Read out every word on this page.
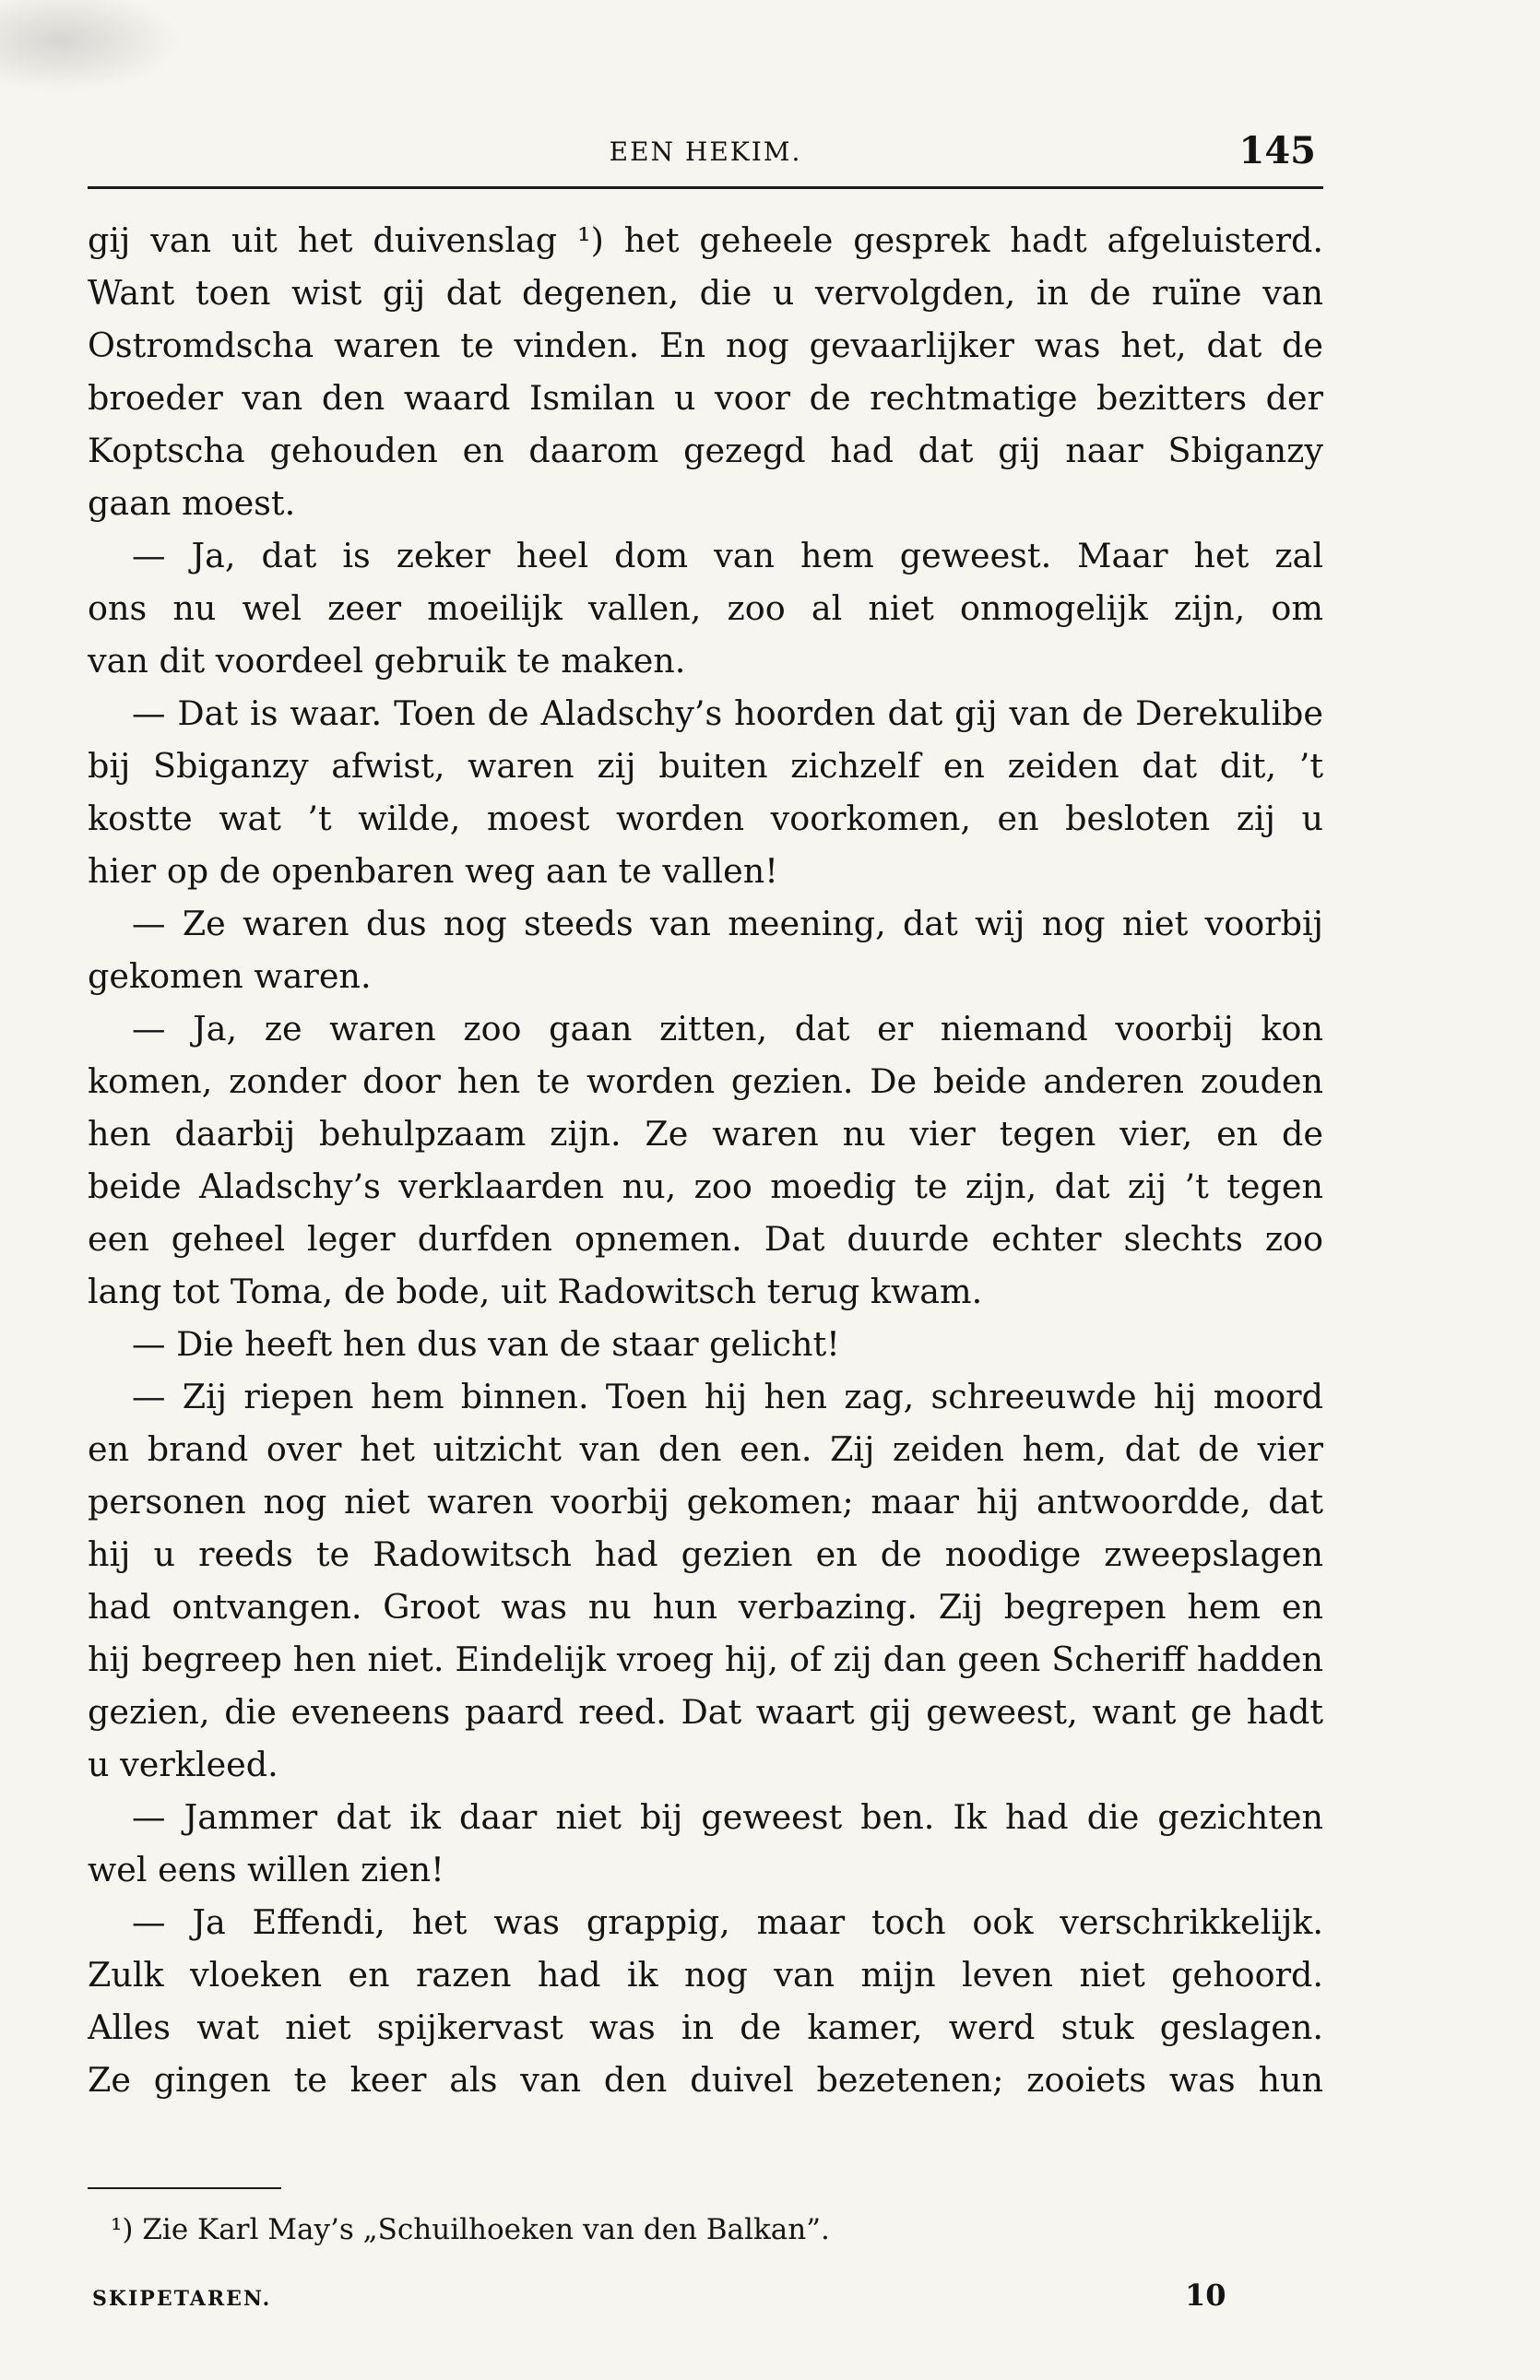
EEN HEKIM.	145
gij van uit het duivenslag ¹) het geheele gesprek hadt afgeluisterd.
Want toen wist gij dat degenen, die u vervolgden, in de ruïne van
Ostromdscha waren te vinden. En nog gevaarlijker was het, dat de
broeder van den waard Ismilan u voor de rechtmatige bezitters der
Koptscha gehouden en daarom gezegd had dat gij naar Sbiganzy
gaan moest.
— Ja, dat is zeker heel dom van hem geweest. Maar het zal
ons nu wel zeer moeilijk vallen, zoo al niet onmogelijk zijn, om
van dit voordeel gebruik te maken.
— Dat is waar. Toen de Aladschy’s hoorden dat gij van de Derekulibe
bij Sbiganzy afwist, waren zij buiten zichzelf en zeiden dat dit, ’t
kostte wat ’t wilde, moest worden voorkomen, en besloten zij u
hier op de openbaren weg aan te vallen!
— Ze waren dus nog steeds van meening, dat wij nog niet voorbij
gekomen waren.
— Ja, ze waren zoo gaan zitten, dat er niemand voorbij kon
komen, zonder door hen te worden gezien. De beide anderen zouden
hen daarbij behulpzaam zijn. Ze waren nu vier tegen vier, en de
beide Aladschy’s verklaarden nu, zoo moedig te zijn, dat zij ’t tegen
een geheel leger durfden opnemen. Dat duurde echter slechts zoo
lang tot Toma, de bode, uit Radowitsch terug kwam.
— Die heeft hen dus van de staar gelicht!
— Zij riepen hem binnen. Toen hij hen zag, schreeuwde hij moord
en brand over het uitzicht van den een. Zij zeiden hem, dat de vier
personen nog niet waren voorbij gekomen; maar hij antwoordde, dat
hij u reeds te Radowitsch had gezien en de noodige zweepslagen
had ontvangen. Groot was nu hun verbazing. Zij begrepen hem en
hij begreep hen niet. Eindelijk vroeg hij, of zij dan geen Scheriff hadden
gezien, die eveneens paard reed. Dat waart gij geweest, want ge hadt
u verkleed.
— Jammer dat ik daar niet bij geweest ben. Ik had die gezichten
wel eens willen zien!
— Ja Effendi, het was grappig, maar toch ook verschrikkelijk.
Zulk vloeken en razen had ik nog van mijn leven niet gehoord.
Alles wat niet spijkervast was in de kamer, werd stuk geslagen.
Ze gingen te keer als van den duivel bezetenen; zooiets was hun
¹) Zie Karl May’s „Schuilhoeken van den Balkan”.
SKIPETAREN.	10
